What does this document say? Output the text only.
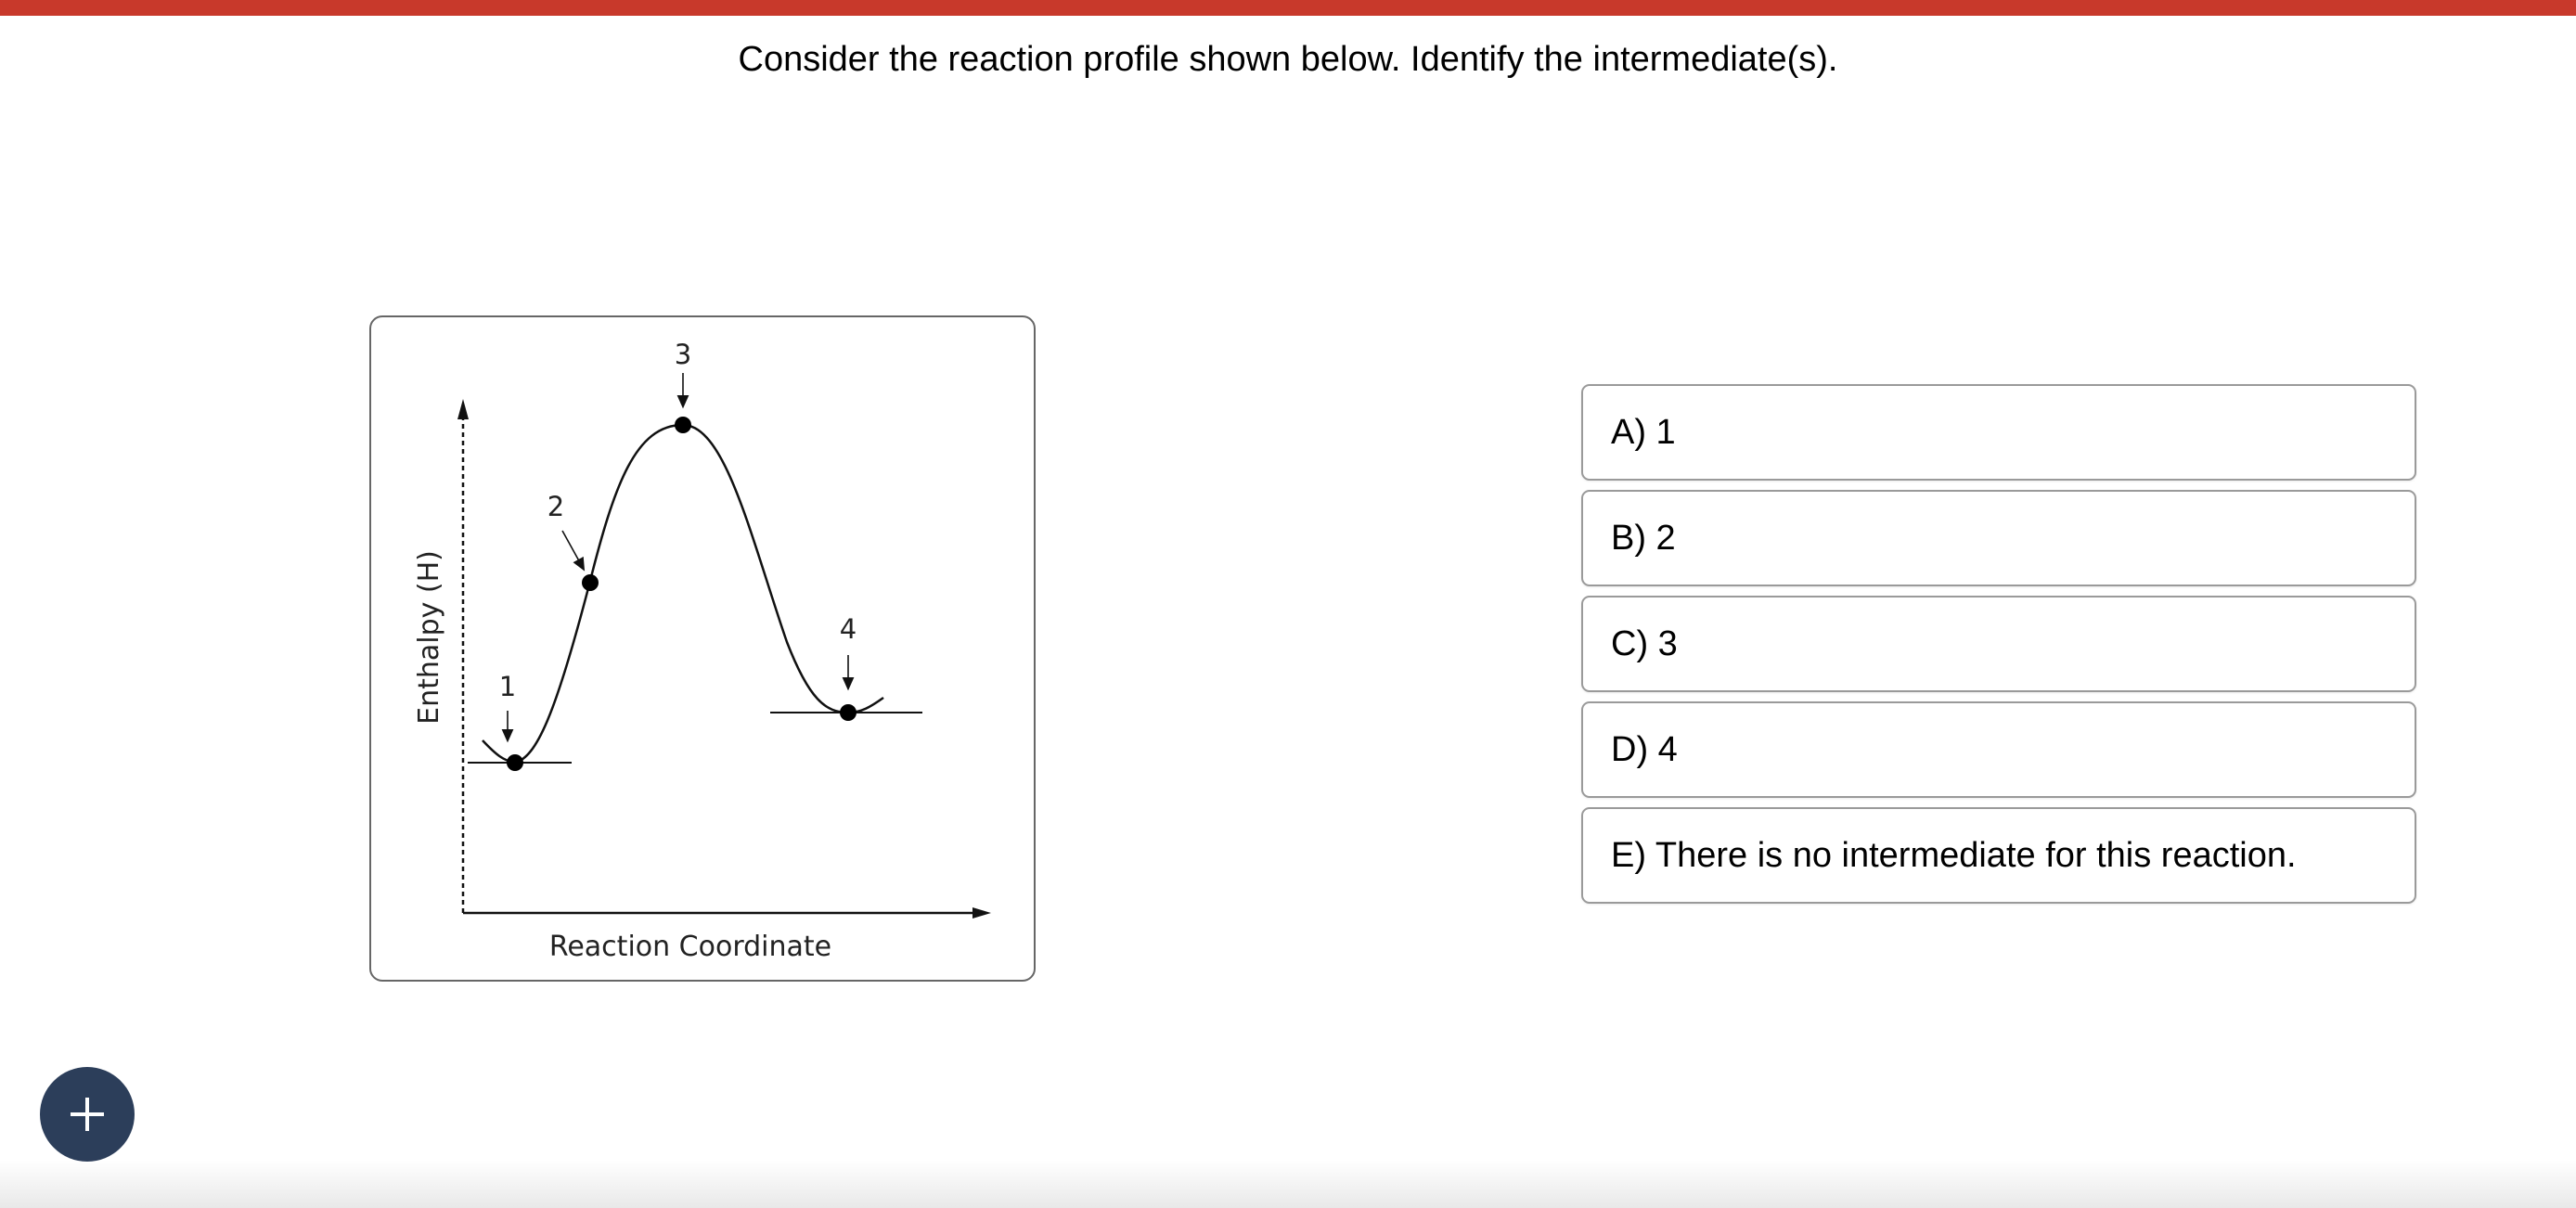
Consider the reaction profile shown below. Identify the intermediate(s).
Enthalpy (H)
Reaction Coordinate
1
2
3
4
A) 1
B) 2
C) 3
D) 4
E) There is no intermediate for this reaction.
